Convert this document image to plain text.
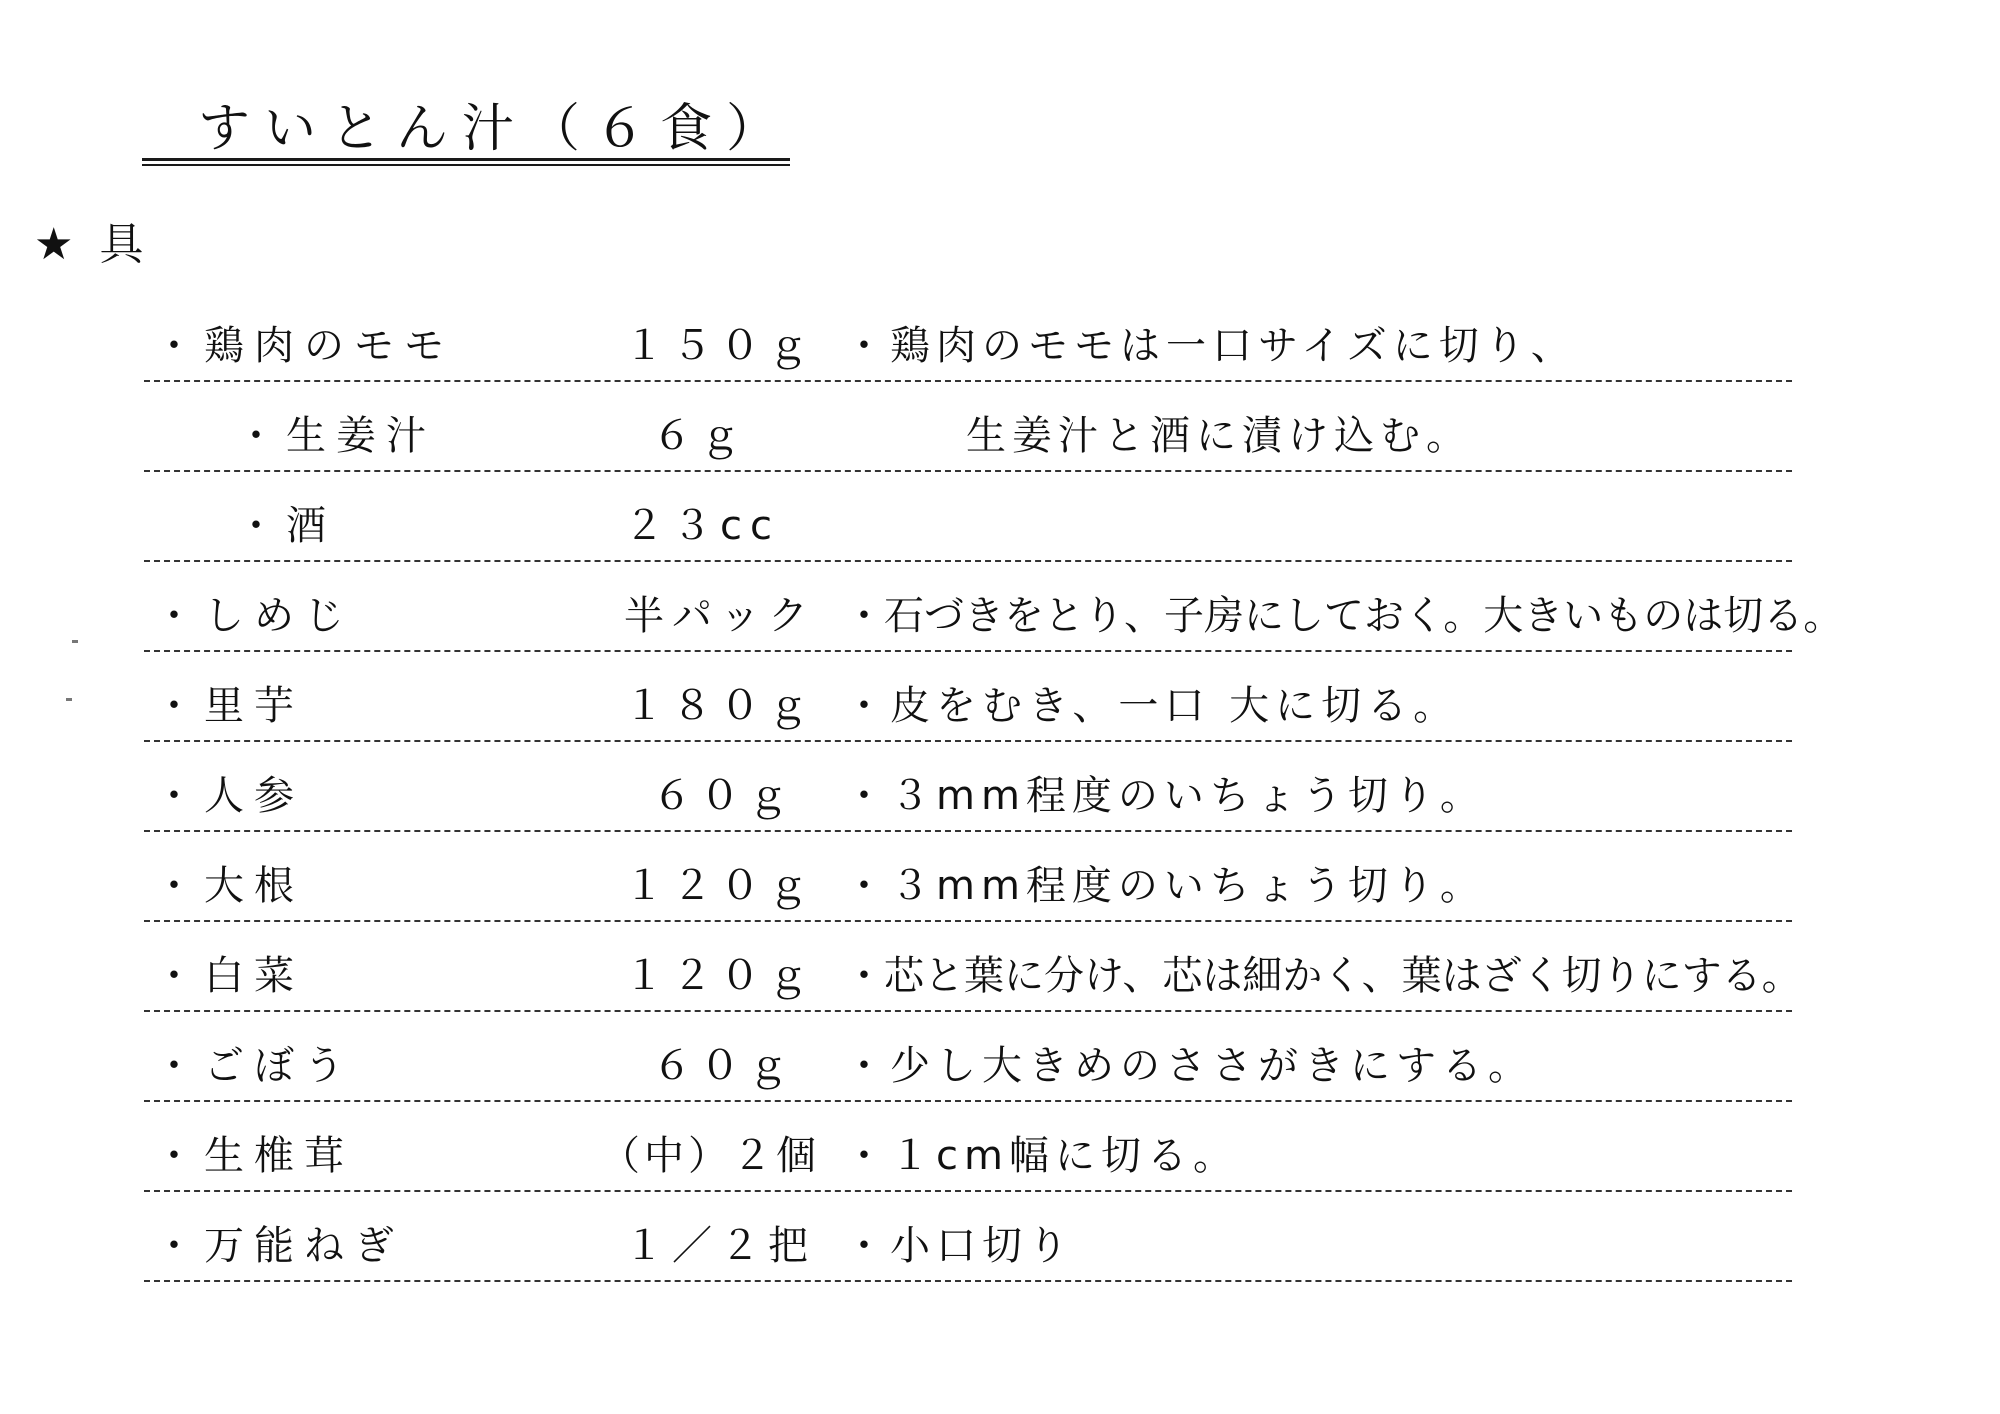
すいとん汁（６食）
★ 具
・鶏肉のモモ	１５０ｇ ・鶏肉のモモは一口サイズに切り、
・生姜汁	６ｇ	生姜汁と酒に漬け込む。
・酒	２３cc
・しめじ	半パック ・石づきをとり、子房にしておく。大きいものは切る。
・里芋	１８０ｇ ・皮をむき、一口 大に切る。
・人参	６０ｇ ・３mm程度のいちょう切り。
・大根	１２０ｇ ・３mm程度のいちょう切り。
・白菜	１２０ｇ ・芯と葉に分け、芯は細かく、葉はざく切りにする。
・ごぼう	６０ｇ ・少し大きめのささがきにする。
・生椎茸	（中）２個 ・１cm幅に切る。
・万能ねぎ	１／２把 ・小口切り
